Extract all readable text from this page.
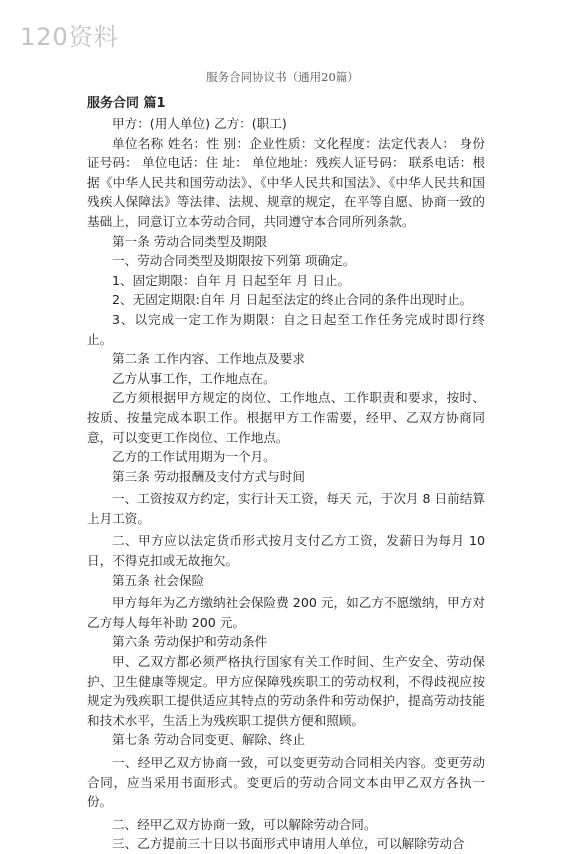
120资料
服务合同协议书（通用20篇）
服务合同 篇1

甲方：(用人单位) 乙方：(职工)

单位名称 姓名：性 别：企业性质：文化程度：法定代表人： 身份证号码： 单位电话：住 址： 单位地址：残疾人证号码： 联系电话：根据《中华人民共和国劳动法》、《中华人民共和国法》、《中华人民共和国残疾人保障法》等法律、法规、规章的规定，在平等自愿、协商一致的基础上，同意订立本劳动合同，共同遵守本合同所列条款。

第一条 劳动合同类型及期限

一、劳动合同类型及期限按下列第 项确定。

1、固定期限：自年 月 日起至年 月 日止。

2、无固定期限:自年 月 日起至法定的终止合同的条件出现时止。

3、以完成一定工作为期限：自之日起至工作任务完成时即行终止。

第二条 工作内容、工作地点及要求

乙方从事工作，工作地点在。

乙方须根据甲方规定的岗位、工作地点、工作职责和要求，按时、按质、按量完成本职工作。根据甲方工作需要，经甲、乙双方协商同意，可以变更工作岗位、工作地点。

乙方的工作试用期为一个月。

第三条 劳动报酬及支付方式与时间

一、工资按双方约定，实行计天工资，每天 元，于次月 8 日前结算上月工资。

二、甲方应以法定货币形式按月支付乙方工资，发薪日为每月 10 日，不得克扣或无故拖欠。

第五条 社会保险

甲方每年为乙方缴纳社会保险费 200 元，如乙方不愿缴纳，甲方对乙方每人每年补助 200 元。

第六条 劳动保护和劳动条件

甲、乙双方都必须严格执行国家有关工作时间、生产安全、劳动保护、卫生健康等规定。甲方应保障残疾职工的劳动权利，不得歧视应按规定为残疾职工提供适应其特点的劳动条件和劳动保护，提高劳动技能和技术水平，生活上为残疾职工提供方便和照顾。

第七条 劳动合同变更、解除、终止

一、经甲乙双方协商一致，可以变更劳动合同相关内容。变更劳动合同，应当采用书面形式。变更后的劳动合同文本由甲乙双方各执一份。

二、经甲乙双方协商一致，可以解除劳动合同。

三、乙方提前三十日以书面形式申请用人单位，可以解除劳动合
